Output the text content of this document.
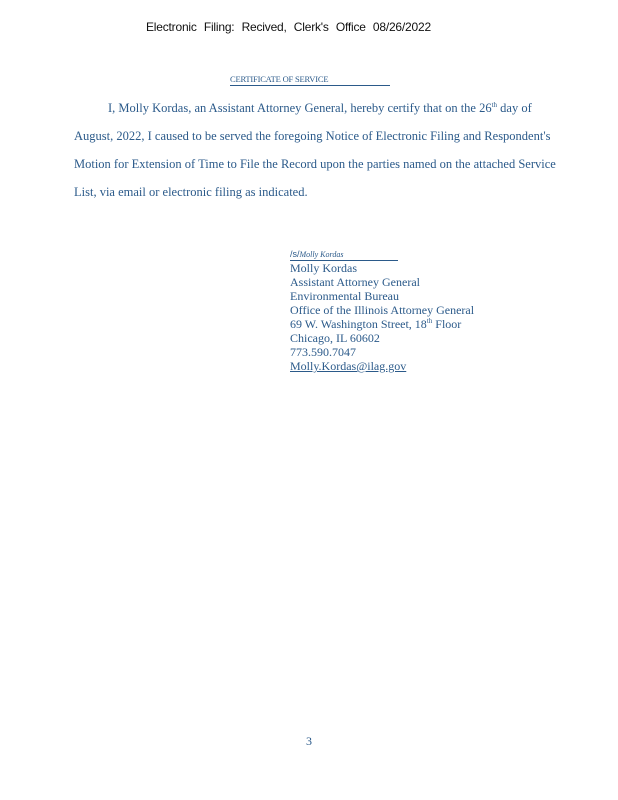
Electronic Filing: Recived, Clerk's Office 08/26/2022
CERTIFICATE OF SERVICE

I, Molly Kordas, an Assistant Attorney General, hereby certify that on the 26th day of

August, 2022, I caused to be served the foregoing Notice of Electronic Filing and Respondent's

Motion for Extension of Time to File the Record upon the parties named on the attached Service

List, via email or electronic filing as indicated.

/s/Molly Kordas
Molly Kordas
Assistant Attorney General
Environmental Bureau
Office of the Illinois Attorney General
69 W. Washington Street, 18th Floor
Chicago, IL 60602
773.590.7047
Molly.Kordas@ilag.gov
3
